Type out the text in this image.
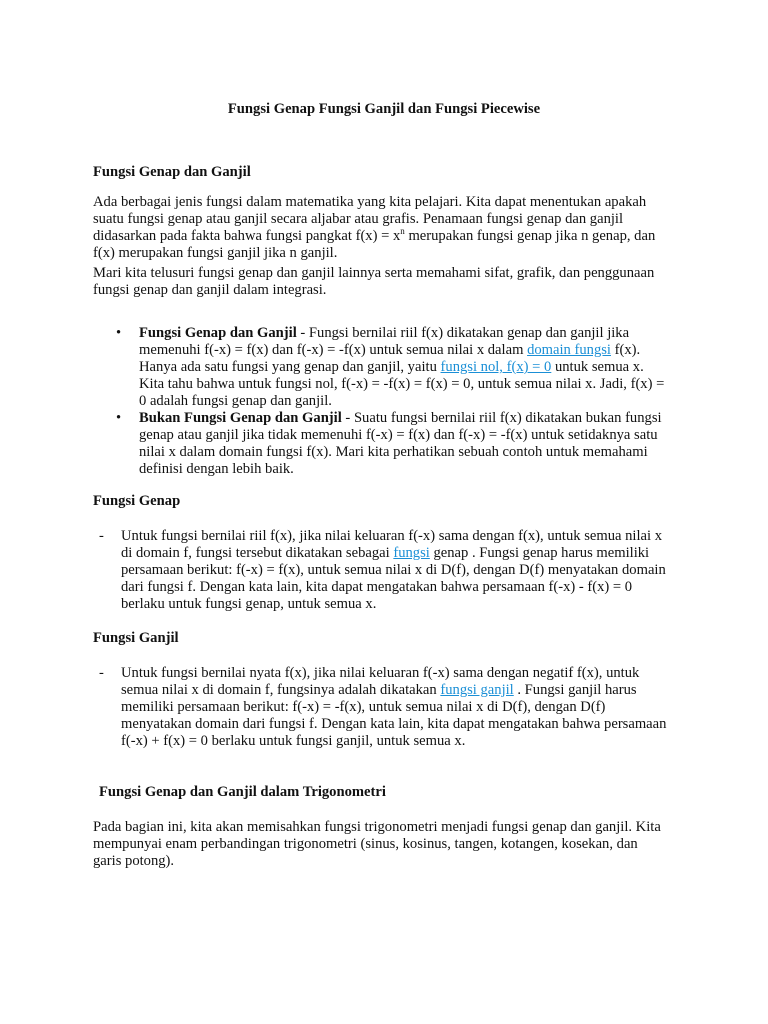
Fungsi Genap Fungsi Ganjil dan Fungsi Piecewise
Fungsi Genap dan Ganjil

Ada berbagai jenis fungsi dalam matematika yang kita pelajari. Kita dapat menentukan apakah suatu fungsi genap atau ganjil secara aljabar atau grafis. Penamaan fungsi genap dan ganjil didasarkan pada fakta bahwa fungsi pangkat $f(x) = x^n$ merupakan fungsi genap jika n genap, dan f(x) merupakan fungsi ganjil jika n ganjil.

Mari kita telusuri fungsi genap dan ganjil lainnya serta memahami sifat, grafik, dan penggunaan fungsi genap dan ganjil dalam integrasi.

•	Fungsi Genap dan Ganjil - Fungsi bernilai riil f(x) dikatakan genap dan ganjil jika memenuhi f(-x) = f(x) dan f(-x) = -f(x) untuk semua nilai x dalam domain fungsi f(x). Hanya ada satu fungsi yang genap dan ganjil, yaitu fungsi nol, f(x) = 0 untuk semua x. Kita tahu bahwa untuk fungsi nol, f(-x) = -f(x) = f(x) = 0, untuk semua nilai x. Jadi, f(x) = 0 adalah fungsi genap dan ganjil.
•	Bukan Fungsi Genap dan Ganjil - Suatu fungsi bernilai riil f(x) dikatakan bukan fungsi genap atau ganjil jika tidak memenuhi f(-x) = f(x) dan f(-x) = -f(x) untuk setidaknya satu nilai x dalam domain fungsi f(x). Mari kita perhatikan sebuah contoh untuk memahami definisi dengan lebih baik.
Fungsi Genap
-	Untuk fungsi bernilai riil f(x), jika nilai keluaran f(-x) sama dengan f(x), untuk semua nilai x di domain f, fungsi tersebut dikatakan sebagai fungsi genap . Fungsi genap harus memiliki persamaan berikut: f(-x) = f(x), untuk semua nilai x di D(f), dengan D(f) menyatakan domain dari fungsi f. Dengan kata lain, kita dapat mengatakan bahwa persamaan f(-x) - f(x) = 0 berlaku untuk fungsi genap, untuk semua x.
Fungsi Ganjil
-	Untuk fungsi bernilai nyata f(x), jika nilai keluaran f(-x) sama dengan negatif f(x), untuk semua nilai x di domain f, fungsinya adalah dikatakan fungsi ganjil . Fungsi ganjil harus memiliki persamaan berikut: f(-x) = -f(x), untuk semua nilai x di D(f), dengan D(f) menyatakan domain dari fungsi f. Dengan kata lain, kita dapat mengatakan bahwa persamaan f(-x) + f(x) = 0 berlaku untuk fungsi ganjil, untuk semua x.
Fungsi Genap dan Ganjil dalam Trigonometri
Pada bagian ini, kita akan memisahkan fungsi trigonometri menjadi fungsi genap dan ganjil. Kita mempunyai enam perbandingan trigonometri (sinus, kosinus, tangen, kotangen, kosekan, dan garis potong).
